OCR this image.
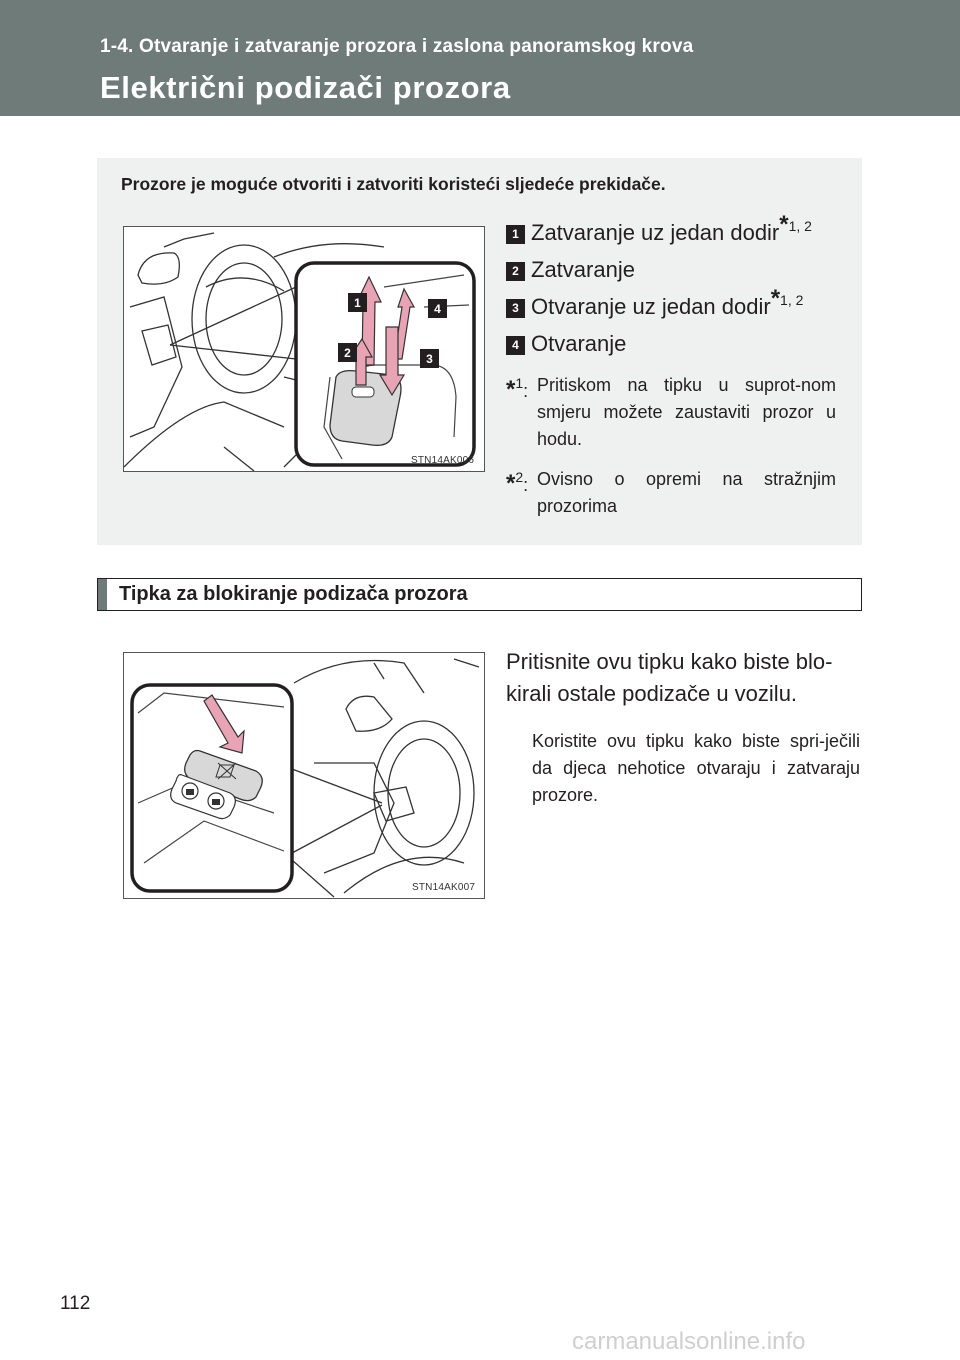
1-4. Otvaranje i zatvaranje prozora i zaslona panoramskog krova
Električni podizači prozora
Prozore je moguće otvoriti i zatvoriti koristeći sljedeće prekidače.
1
2	3
4
STN14AK006
1 Zatvaranje uz jedan dodir * 1, 2
2 Zatvaranje
3 Otvaranje uz jedan dodir * 1, 2
4 Otvaranje
*$^1$: Pritiskom na tipku u suprot-nom smjeru možete zaustaviti prozor u hodu.
*$^2$: Ovisno o opremi na stražnjim prozorima
Tipka za blokiranje podizača prozora
STN14AK007
Pritisnite ovu tipku kako biste blo-kirali ostale podizače u vozilu.
Koristite ovu tipku kako biste spri-ječili da djeca nehotice otvaraju i zatvaraju prozore.
112
carmanualsonline.info
